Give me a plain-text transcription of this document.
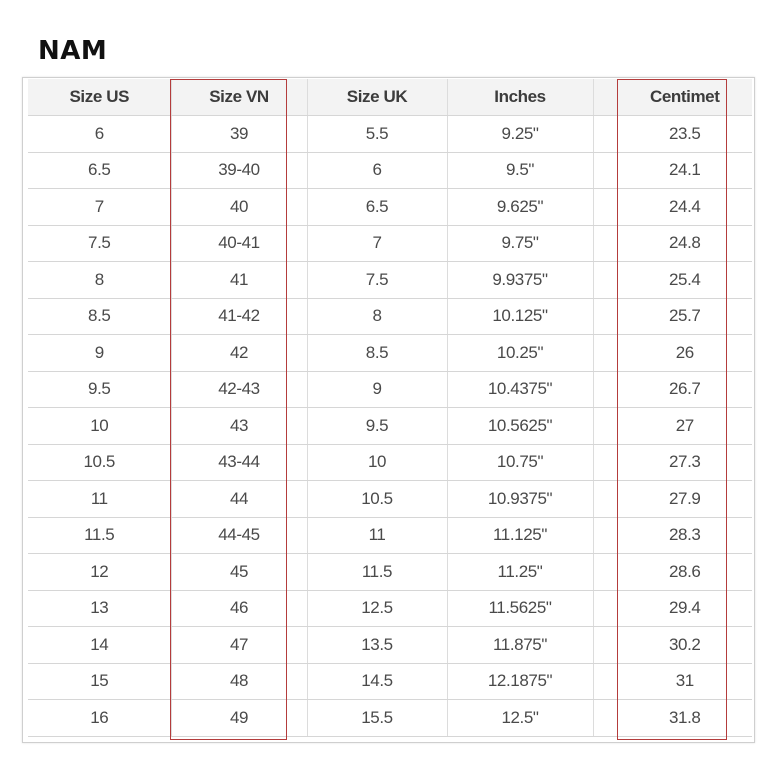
NAM
Size US	Size VN	Size UK	Inches		Centimet
6	39	5.5	9.25"		23.5
6.5	39-40	6	9.5"		24.1
7	40	6.5	9.625"		24.4
7.5	40-41	7	9.75"		24.8
8	41	7.5	9.9375"		25.4
8.5	41-42	8	10.125"		25.7
9	42	8.5	10.25"		26
9.5	42-43	9	10.4375"		26.7
10	43	9.5	10.5625"		27
10.5	43-44	10	10.75"		27.3
11	44	10.5	10.9375"		27.9
11.5	44-45	11	11.125"		28.3
12	45	11.5	11.25"		28.6
13	46	12.5	11.5625"		29.4
14	47	13.5	11.875"		30.2
15	48	14.5	12.1875"		31
16	49	15.5	12.5"		31.8
